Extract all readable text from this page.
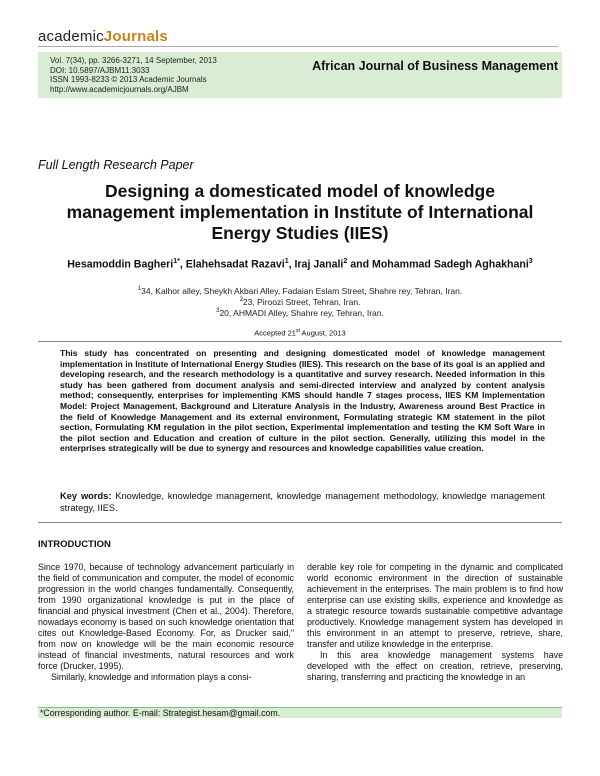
academicJournals
Vol. 7(34), pp. 3266-3271, 14 September, 2013
DOI: 10.5897/AJBM11.3033
ISSN 1993-8233 © 2013 Academic Journals
http://www.academicjournals.org/AJBM
African Journal of Business Management
Full Length Research Paper
Designing a domesticated model of knowledge management implementation in Institute of International Energy Studies (IIES)
Hesamoddin Bagheri$^{1*}$, Elahehsadat Razavi$^1$, Iraj Janali$^2$ and Mohammad Sadegh Aghakhani$^3$
$^1$34, Kalhor alley, Sheykh Akbari Alley, Fadaian Eslam Street, Shahre rey, Tehran, Iran.
$^2$23, Piroozi Street, Tehran, Iran.
$^3$20, AHMADI Alley, Shahre rey, Tehran, Iran.
Accepted 21st August, 2013
This study has concentrated on presenting and designing domesticated model of knowledge management implementation in Institute of International Energy Studies (IIES). This research on the base of its goal is an applied and developing research, and the research methodology is a quantitative and survey research. Needed information in this study has been gathered from document analysis and semi-directed interview and analyzed by content analysis method; consequently, enterprises for implementing KMS should handle 7 stages process, IIES KM Implementation Model: Project Management, Background and Literature Analysis in the Industry, Awareness around Best Practice in the field of Knowledge Management and its external environment, Formulating strategic KM statement in the pilot section, Formulating KM regulation in the pilot section, Experimental implementation and testing the KM Soft Ware in the pilot section and Education and creation of culture in the pilot section. Generally, utilizing this model in the enterprises strategically will be due to synergy and resources and knowledge capabilities value creation.
Key words: Knowledge, knowledge management, knowledge management methodology, knowledge management strategy, IIES.
INTRODUCTION

Since 1970, because of technology advancement particularly in the field of communication and computer, the model of economic progression in the world changes fundamentally. Consequently, from 1990 organizational knowledge is put in the place of financial and physical investment (Chen et al., 2004). Therefore, nowadays economy is based on such knowledge orientation that cites out Knowledge-Based Economy. For, as Drucker said," from now on knowledge will be the main economic resource instead of financial investments, natural resources and work force (Drucker, 1995).

Similarly, knowledge and information plays a consi-

derable key role for competing in the dynamic and complicated world economic environment in the direction of sustainable achievement in the enterprises. The main problem is to find how enterprise can use existing skills, experience and knowledge as a strategic resource towards sustainable competitive advantage productively. Knowledge management system has developed in this environment in an attempt to preserve, retrieve, share, transfer and utilize knowledge in the enterprise.

In this area knowledge management systems have developed with the effect on creation, retrieve, preserving, sharing, transferring and practicing the knowledge in an

*Corresponding author. E-mail: Strategist.hesam@gmail.com.
